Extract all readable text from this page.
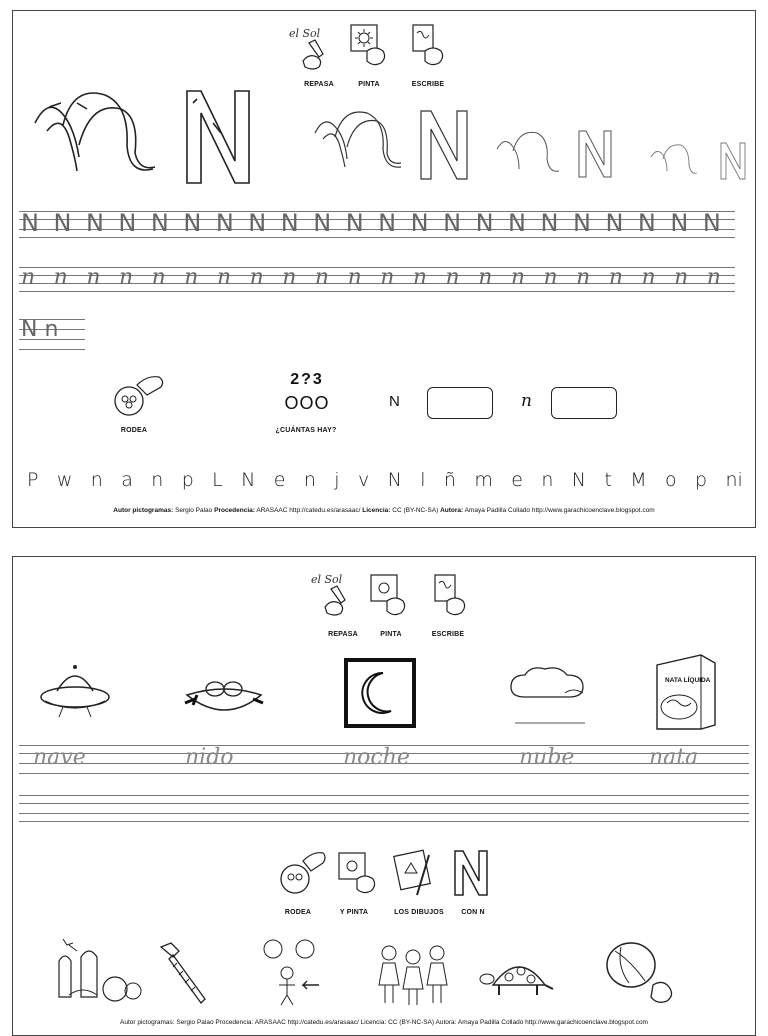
el Sol
REPASA	PINTA	ESCRIBE
N N N N N N N N N N N N N N N N N N N N N N
n n n n n n n n n n n n n n n n n n n n n n
N n
RODEA
2?3
OOO
¿CUÁNTAS HAY?
N	n
P w n a n p L N e n j v N l ñ m e n N t M o p ni
Autor pictogramas: Sergio Palao Procedencia: ARASAAC http://catedu.es/arasaac/ Licencia: CC (BY-NC-SA) Autora: Amaya Padilla Collado http://www.garachicoenclave.blogspot.com
el Sol
REPASA	PINTA	ESCRIBE
NATA LÍQUIDA
nave	nido	noche	nube	nata
RODEA	Y PINTA	LOS DIBUJOS	CON N
Autor pictogramas: Sergio Palao Procedencia: ARASAAC http://catedu.es/arasaac/ Licencia: CC (BY-NC-SA) Autora: Amaya Padilla Collado http://www.garachicoenclave.blogspot.com
